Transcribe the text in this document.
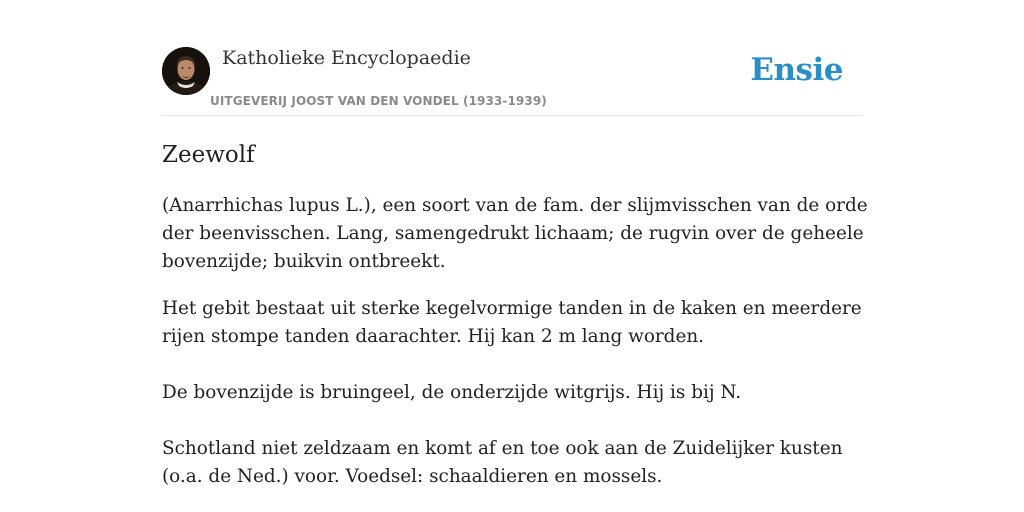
Katholieke Encyclopaedie
UITGEVERIJ JOOST VAN DEN VONDEL (1933-1939)
Ensie
Zeewolf

(Anarrhichas lupus L.), een soort van de fam. der slijmvisschen van de orde der beenvisschen. Lang, samengedrukt lichaam; de rugvin over de geheele bovenzijde; buikvin ontbreekt.

Het gebit bestaat uit sterke kegelvormige tanden in de kaken en meerdere rijen stompe tanden daarachter. Hij kan 2 m lang worden.

De bovenzijde is bruingeel, de onderzijde witgrijs. Hij is bij N.

Schotland niet zeldzaam en komt af en toe ook aan de Zuidelijker kusten (o.a. de Ned.) voor. Voedsel: schaaldieren en mossels.
